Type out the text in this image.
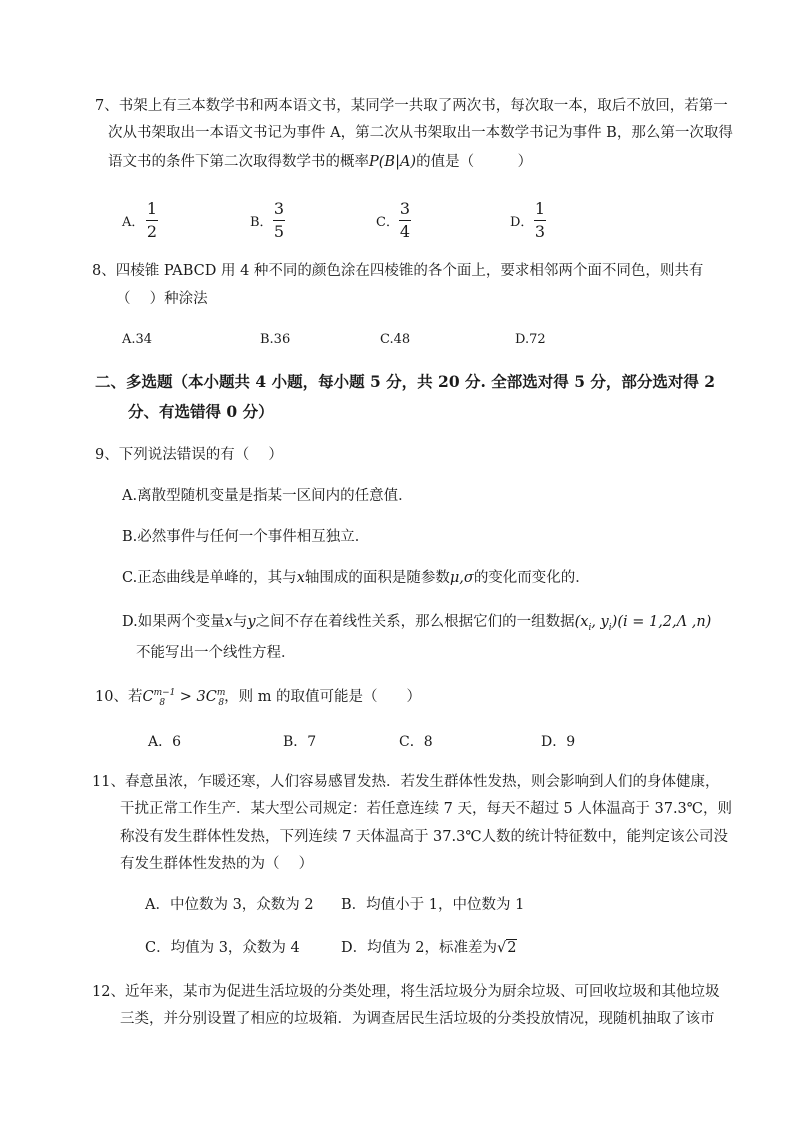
7、书架上有三本数学书和两本语文书，某同学一共取了两次书，每次取一本，取后不放回，若第一
次从书架取出一本语文书记为事件 A，第二次从书架取出一本数学书记为事件 B，那么第一次取得
语文书的条件下第二次取得数学书的概率P(B|A)的值是（　　　）
A．
1
2	B．
3
5	C．
3
4	D．
1
3
8、四棱锥 PABCD 用 4 种不同的颜色涂在四棱锥的各个面上，要求相邻两个面不同色，则共有
（　 ）种涂法
A.34	B.36	C.48	D.72
二、多选题（本小题共 4 小题，每小题 5 分，共 20 分. 全部选对得 5 分，部分选对得 2
分、有选错得 0 分）
9、下列说法错误的有（　 ）
A.离散型随机变量是指某一区间内的任意值．
B.必然事件与任何一个事件相互独立．
C.正态曲线是单峰的，其与x轴围成的面积是随参数μ,σ的变化而变化的．
D.如果两个变量x与y之间不存在着线性关系，那么根据它们的一组数据($x_i$, $y_i)(i = 1,2,\Lambda$ ,n)
不能写出一个线性方程．
10、若$C^{m-1}_8 > 3C^m_8$，则 m 的取值可能是（　　）
A．6	B．7	C．8	D．9
11、春意虽浓，乍暖还寒，人们容易感冒发热．若发生群体性发热，则会影响到人们的身体健康，
干扰正常工作生产．某大型公司规定：若任意连续 7 天，每天不超过 5 人体温高于 37.3℃，则
称没有发生群体性发热，下列连续 7 天体温高于 37.3℃人数的统计特征数中，能判定该公司没
有发生群体性发热的为（　 ）
A．中位数为 3，众数为 2 B．均值小于 1，中位数为 1
C．均值为 3，众数为 4	D．均值为 2，标准差为√2
12、近年来，某市为促进生活垃圾的分类处理，将生活垃圾分为厨余垃圾、可回收垃圾和其他垃圾
三类，并分别设置了相应的垃圾箱．为调查居民生活垃圾的分类投放情况，现随机抽取了该市
